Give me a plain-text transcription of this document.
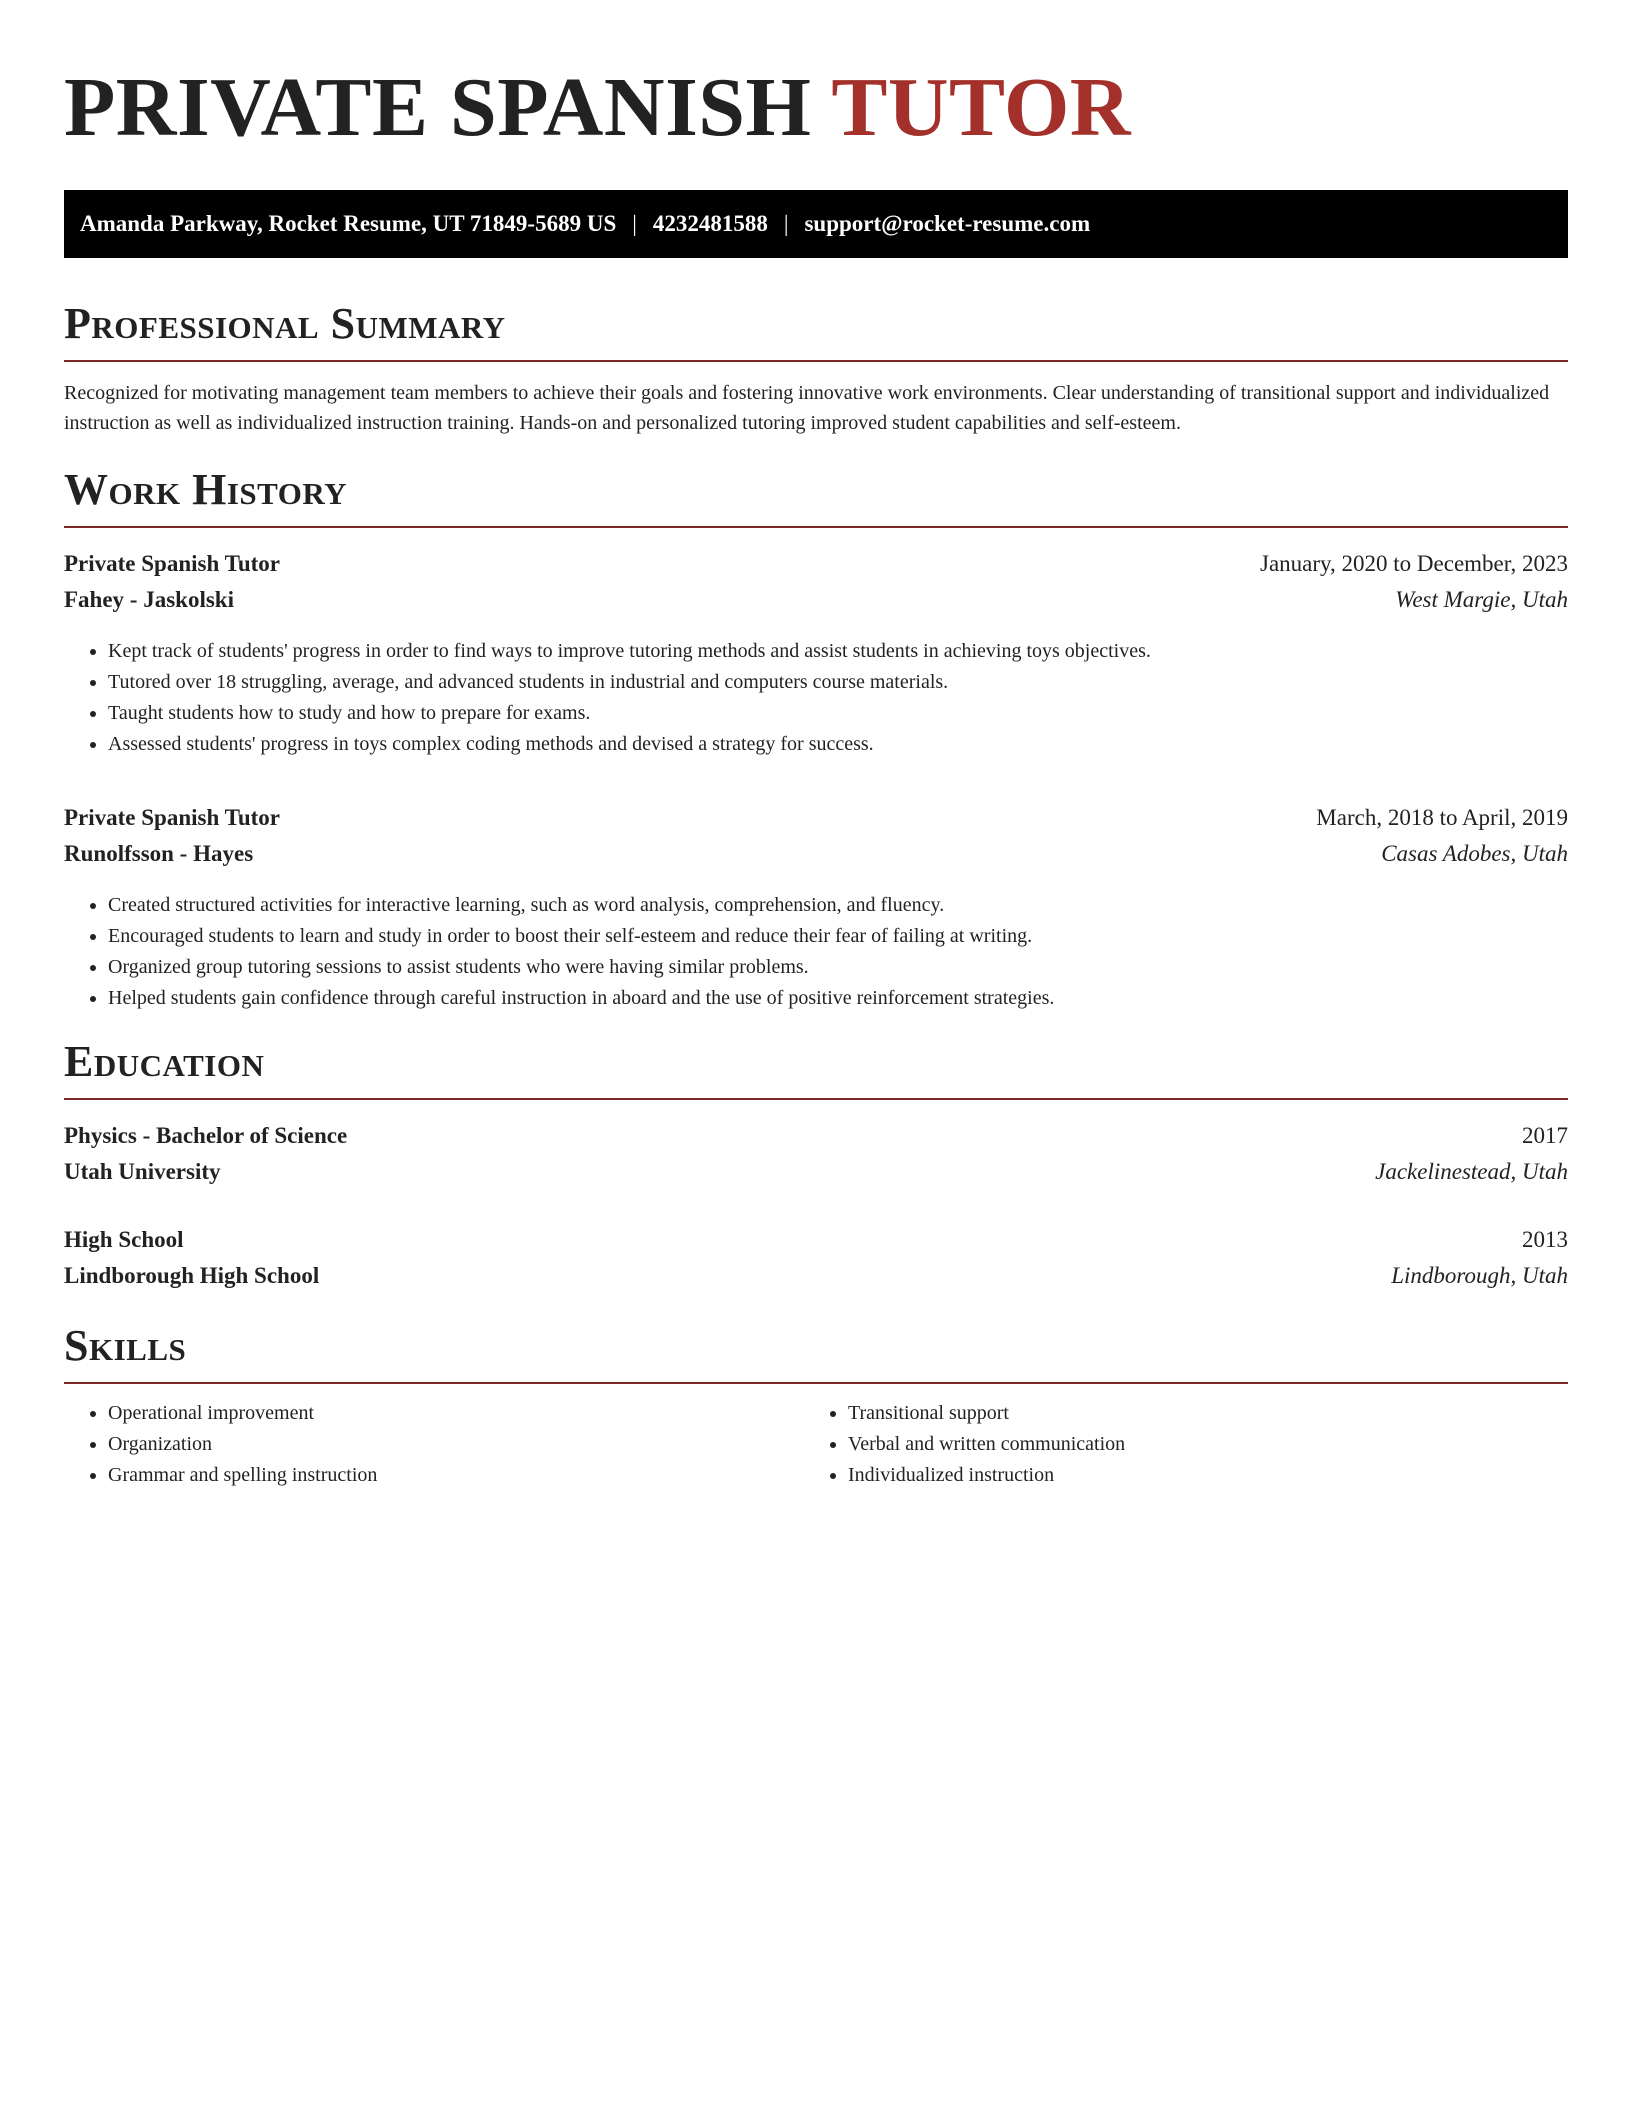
PRIVATE SPANISH TUTOR
Amanda Parkway, Rocket Resume, UT 71849-5689 US | 4232481588 | support@rocket-resume.com
Professional Summary

Recognized for motivating management team members to achieve their goals and fostering innovative work environments. Clear understanding of transitional support and individualized instruction as well as individualized instruction training. Hands-on and personalized tutoring improved student capabilities and self-esteem.

Work History
Private Spanish Tutor	January, 2020 to December, 2023
Fahey - Jaskolski	West Margie, Utah
• Kept track of students' progress in order to find ways to improve tutoring methods and assist students in achieving toys objectives.
• Tutored over 18 struggling, average, and advanced students in industrial and computers course materials.
• Taught students how to study and how to prepare for exams.
• Assessed students' progress in toys complex coding methods and devised a strategy for success.
Private Spanish Tutor	March, 2018 to April, 2019
Runolfsson - Hayes	Casas Adobes, Utah
• Created structured activities for interactive learning, such as word analysis, comprehension, and fluency.
• Encouraged students to learn and study in order to boost their self-esteem and reduce their fear of failing at writing.
• Organized group tutoring sessions to assist students who were having similar problems.
• Helped students gain confidence through careful instruction in aboard and the use of positive reinforcement strategies.
Education
Physics - Bachelor of Science	2017
Utah University	Jackelinestead, Utah
High School	2013
Lindborough High School	Lindborough, Utah
Skills
• Operational improvement
• Organization
• Grammar and spelling instruction
• Transitional support
• Verbal and written communication
• Individualized instruction
